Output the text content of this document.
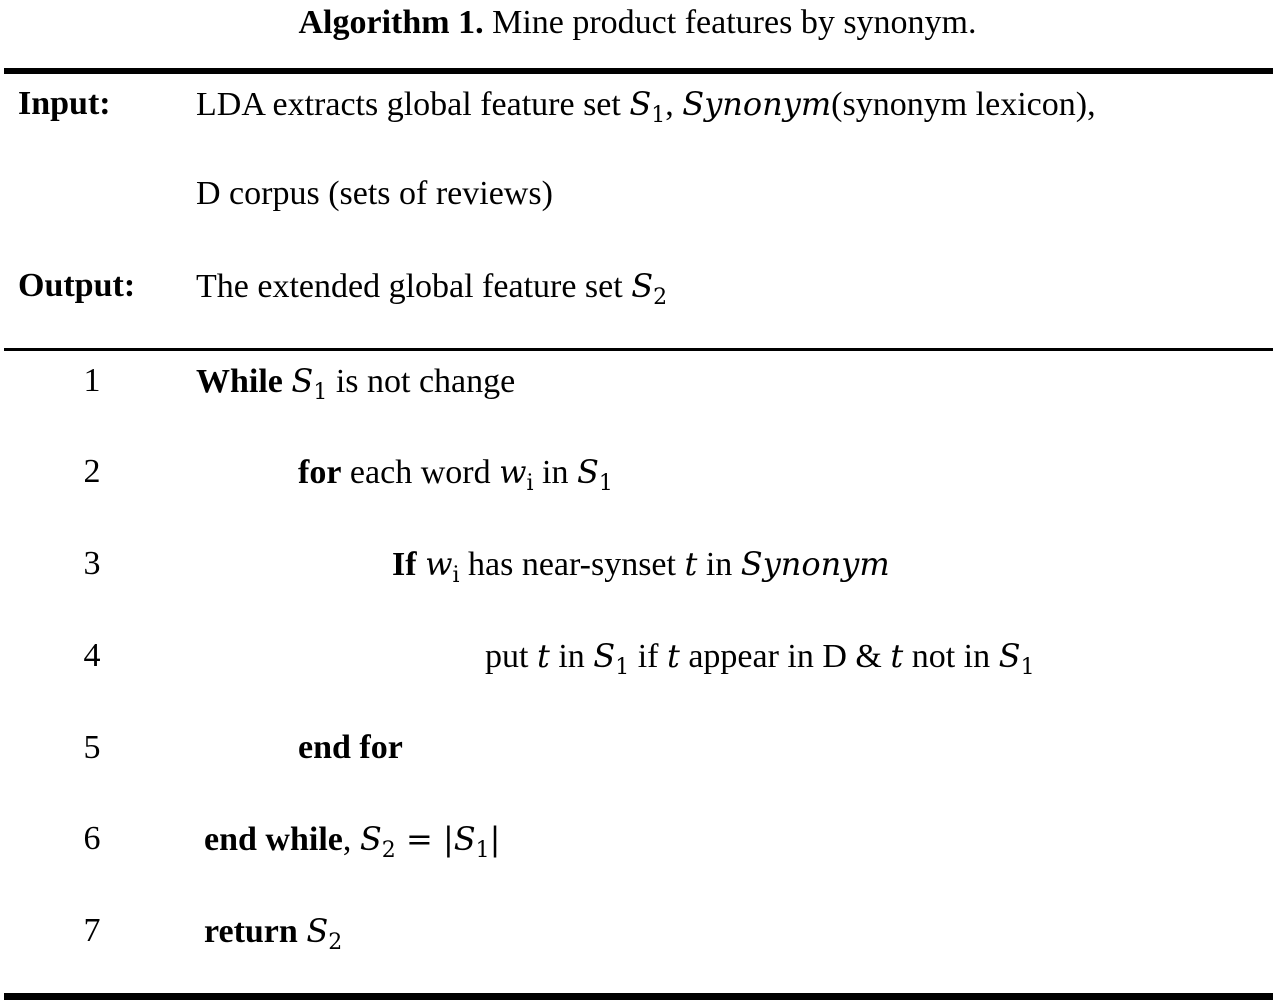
Algorithm 1. Mine product features by synonym.
Input:	LDA extracts global feature set $S_1$, Synonym(synonym lexicon),
D corpus (sets of reviews)
Output: The extended global feature set $S_2$
1	While $S_1$ is not change
2	for each word $w_i$ in $S_1$
3	If $w_i$ has near-synset t in Synonym
4	put t in $S_1$ if t appear in D & t not in $S_1$
5	end for
6	end while, $S_2 = |S_1|$
7	return $S_2$
